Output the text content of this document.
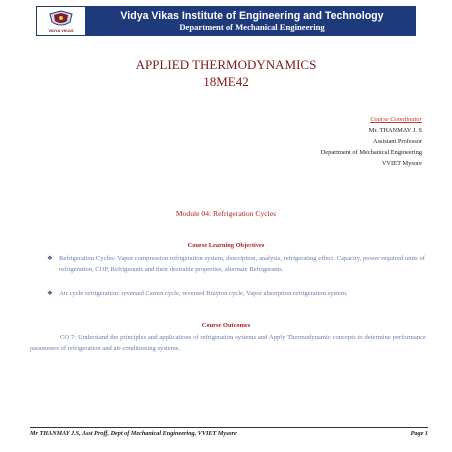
VIDYA VIKAS
Vidya Vikas Institute of Engineering and Technology
Department of Mechanical Engineering
APPLIED THERMODYNAMICS
18ME42
Course Coordinator
Mr. THANMAY J. S
Assistant Professor
Department of Mechanical Engineering
VVIET Mysore
Module 04: Refrigeration Cycles
Course Learning Objectives
❖ Refrigeration Cycles: Vapor compression refrigeration system, description, analysis, refrigerating effect. Capacity, power required units of refrigeration, COP, Refrigerants and their desirable properties, alternate Refrigerants.
❖ Air cycle refrigeration: reversed Carnot cycle, reversed Brayton cycle, Vapor absorption refrigeration system.
Course Outcomes
CO 7: Understand the principles and applications of refrigeration systems and Apply Thermodynamic concepts to determine performance parameters of refrigeration and air-conditioning systems.
Mr THANMAY J.S, Asst Proff, Dept of Mechanical Engineering, VVIET Mysore	Page 1
